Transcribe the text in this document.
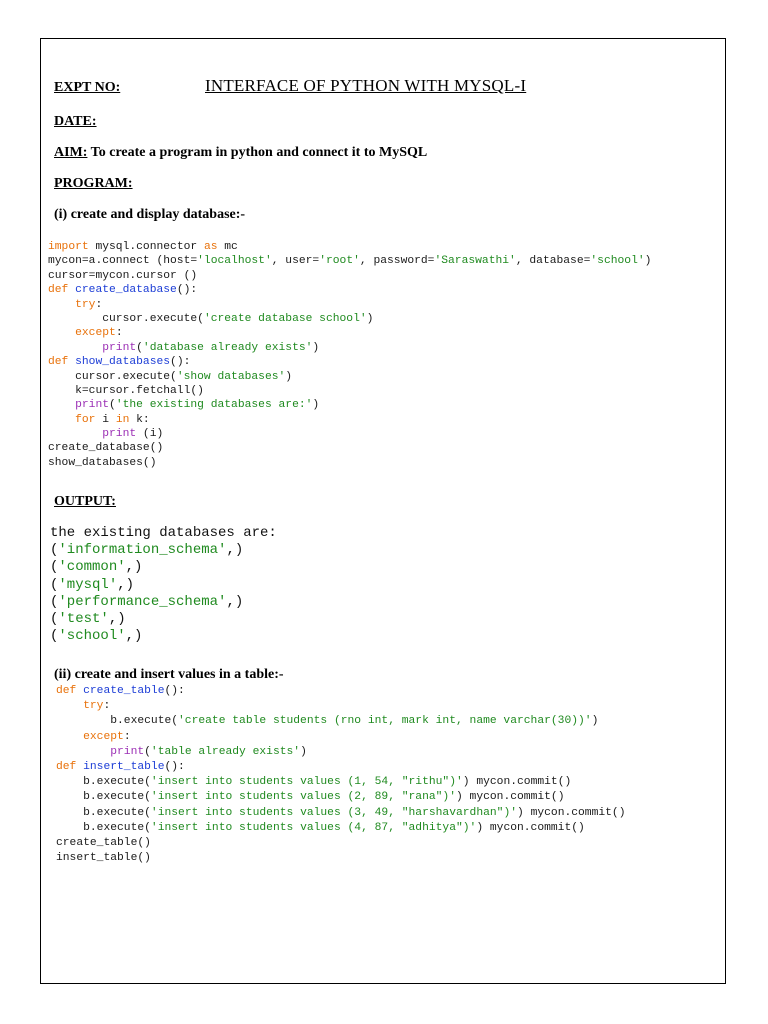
EXPT NO:	INTERFACE OF PYTHON WITH MYSQL-I
DATE:
AIM: To create a program in python and connect it to MySQL
PROGRAM:
(i) create and display database:-
import mysql.connector as mc
mycon=a.connect (host='localhost', user='root', password='Saraswathi', database='school')
cursor=mycon.cursor ()
def create_database():
try:
cursor.execute('create database school')
except:
print('database already exists')
def show_databases():
cursor.execute('show databases')
k=cursor.fetchall()
print('the existing databases are:')
for i in k:
print (i)
create_database()
show_databases()
OUTPUT:
the existing databases are:
('information_schema',)
('common',)
('mysql',)
('performance_schema',)
('test',)
('school',)
(ii) create and insert values in a table:-
def create_table():
try:
b.execute('create table students (rno int, mark int, name varchar(30))')
except:
print('table already exists')
def insert_table():
b.execute('insert into students values (1, 54, "rithu")') mycon.commit()
b.execute('insert into students values (2, 89, "rana")') mycon.commit()
b.execute('insert into students values (3, 49, "harshavardhan")') mycon.commit()
b.execute('insert into students values (4, 87, "adhitya")') mycon.commit()
create_table()
insert_table()
